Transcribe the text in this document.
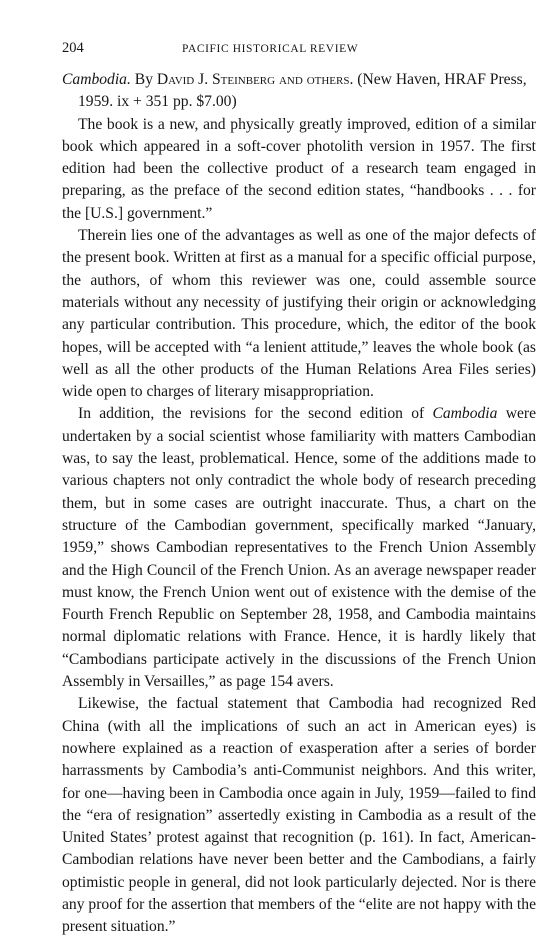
204	PACIFIC HISTORICAL REVIEW
Cambodia. By David J. Steinberg and others. (New Haven, HRAF Press, 1959. ix + 351 pp. $7.00)

The book is a new, and physically greatly improved, edition of a similar book which appeared in a soft-cover photolith version in 1957. The first edition had been the collective product of a research team engaged in preparing, as the preface of the second edition states, “handbooks . . . for the [U.S.] government.”

Therein lies one of the advantages as well as one of the major defects of the present book. Written at first as a manual for a specific official purpose, the authors, of whom this reviewer was one, could assemble source materials without any necessity of justifying their origin or acknowledging any particular contribution. This procedure, which, the editor of the book hopes, will be accepted with “a lenient attitude,” leaves the whole book (as well as all the other products of the Human Relations Area Files series) wide open to charges of literary misappropriation.

In addition, the revisions for the second edition of Cambodia were undertaken by a social scientist whose familiarity with matters Cambodian was, to say the least, problematical. Hence, some of the additions made to various chapters not only contradict the whole body of research preceding them, but in some cases are outright inaccurate. Thus, a chart on the structure of the Cambodian government, specifically marked “January, 1959,” shows Cambodian representatives to the French Union Assembly and the High Council of the French Union. As an average newspaper reader must know, the French Union went out of existence with the demise of the Fourth French Republic on September 28, 1958, and Cambodia maintains normal diplomatic relations with France. Hence, it is hardly likely that “Cambodians participate actively in the discussions of the French Union Assembly in Versailles,” as page 154 avers.

Likewise, the factual statement that Cambodia had recognized Red China (with all the implications of such an act in American eyes) is nowhere explained as a reaction of exasperation after a series of border harrassments by Cambodia’s anti-Communist neighbors. And this writer, for one—having been in Cambodia once again in July, 1959—failed to find the “era of resignation” assertedly existing in Cambodia as a result of the United States’ protest against that recognition (p. 161). In fact, American-Cambodian relations have never been better and the Cambodians, a fairly optimistic people in general, did not look particularly dejected. Nor is there any proof for the assertion that members of the “elite are not happy with the present situation.”
